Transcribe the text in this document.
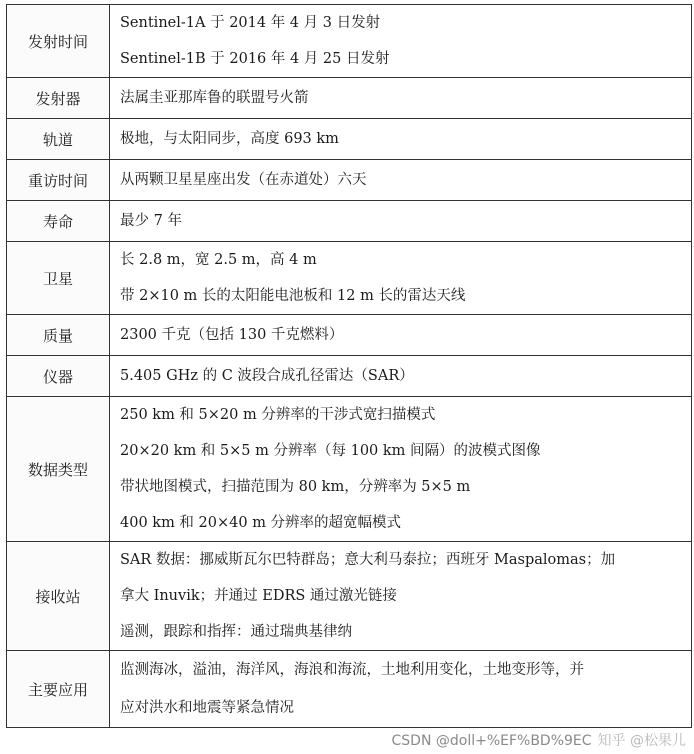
发射时间	Sentinel-1A 于 2014 年 4 月 3 日发射
Sentinel-1B 于 2016 年 4 月 25 日发射

发射器	法属圭亚那库鲁的联盟号火箭

轨道	极地，与太阳同步，高度 693 km

重访时间	从两颗卫星星座出发（在赤道处）六天

寿命	最少 7 年

卫星	长 2.8 m，宽 2.5 m，高 4 m
带 2×10 m 长的太阳能电池板和 12 m 长的雷达天线

质量	2300 千克（包括 130 千克燃料）

仪器	5.405 GHz 的 C 波段合成孔径雷达（SAR）

数据类型	250 km 和 5×20 m 分辨率的干涉式宽扫描模式
20×20 km 和 5×5 m 分辨率（每 100 km 间隔）的波模式图像
带状地图模式，扫描范围为 80 km，分辨率为 5×5 m
400 km 和 20×40 m 分辨率的超宽幅模式

接收站	SAR 数据：挪威斯瓦尔巴特群岛；意大利马泰拉；西班牙 Maspalomas；加
拿大 Inuvik；并通过 EDRS 通过激光链接
遥测，跟踪和指挥：通过瑞典基律纳

主要应用	监测海冰，溢油，海洋风，海浪和海流，土地利用变化，土地变形等，并
应对洪水和地震等紧急情况
CSDN @doll+%EF%BD%9EC 知乎 @松果儿
